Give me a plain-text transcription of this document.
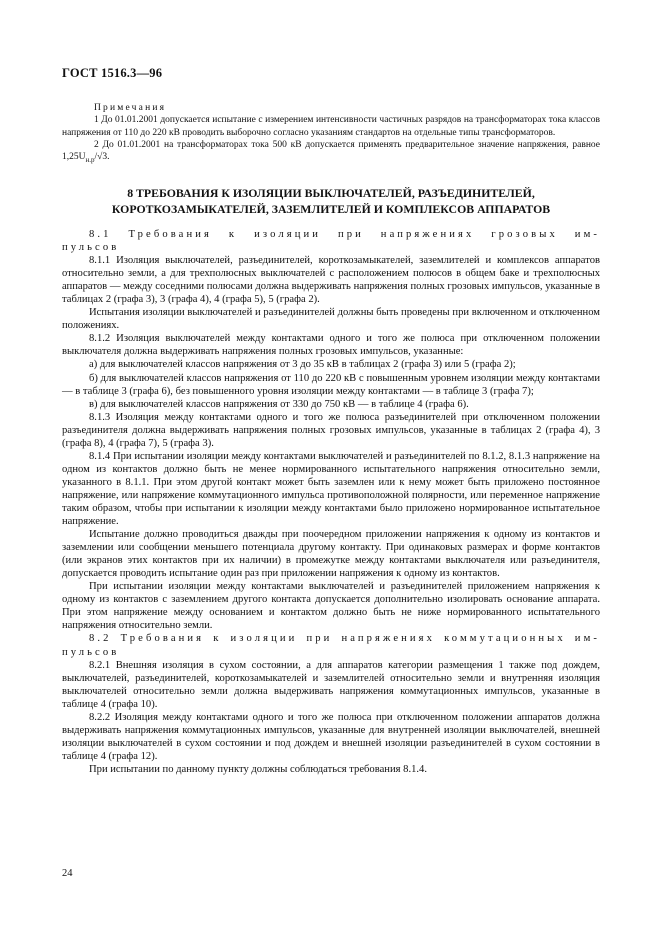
ГОСТ 1516.3—96
Примечания
1 До 01.01.2001 допускается испытание с измерением интенсивности частичных разрядов на трансформаторах тока классов напряжения от 110 до 220 кВ проводить выборочно согласно указаниям стандартов на отдельные типы трансформаторов.
2 До 01.01.2001 на трансформаторах тока 500 кВ допускается применять предварительное значение напряжения, равное $1,25U_{н.р}/√3$.
8 ТРЕБОВАНИЯ К ИЗОЛЯЦИИ ВЫКЛЮЧАТЕЛЕЙ, РАЗЪЕДИНИТЕЛЕЙ,
КОРОТКОЗАМЫКАТЕЛЕЙ, ЗАЗЕМЛИТЕЛЕЙ И КОМПЛЕКСОВ АППАРАТОВ

8.1 Требования к изоляции при напряжениях грозовых им-

пульсов

8.1.1 Изоляция выключателей, разъединителей, короткозамыкателей, заземлителей и комплексов аппаратов относительно земли, а для трехполюсных выключателей с расположением полюсов в общем баке и трехполюсных аппаратов — между соседними полюсами должна выдерживать напряжения полных грозовых импульсов, указанные в таблицах 2 (графа 3), 3 (графа 4), 4 (графа 5), 5 (графа 2).

Испытания изоляции выключателей и разъединителей должны быть проведены при включенном и отключенном положениях.

8.1.2 Изоляция выключателей между контактами одного и того же полюса при отключенном положении выключателя должна выдерживать напряжения полных грозовых импульсов, указанные:

а) для выключателей классов напряжения от 3 до 35 кВ в таблицах 2 (графа 3) или 5 (графа 2);

б) для выключателей классов напряжения от 110 до 220 кВ с повышенным уровнем изоляции между контактами — в таблице 3 (графа 6), без повышенного уровня изоляции между контактами — в таблице 3 (графа 7);

в) для выключателей классов напряжения от 330 до 750 кВ — в таблице 4 (графа 6).

8.1.3 Изоляция между контактами одного и того же полюса разъединителей при отключенном положении разъединителя должна выдерживать напряжения полных грозовых импульсов, указанные в таблицах 2 (графа 4), 3 (графа 8), 4 (графа 7), 5 (графа 3).

8.1.4 При испытании изоляции между контактами выключателей и разъединителей по 8.1.2, 8.1.3 напряжение на одном из контактов должно быть не менее нормированного испытательного напряжения относительно земли, указанного в 8.1.1. При этом другой контакт может быть заземлен или к нему может быть приложено постоянное напряжение, или напряжение коммутационного импульса противоположной полярности, или переменное напряжение таким образом, чтобы при испытании к изоляции между контактами было приложено нормированное испытательное напряжение.

Испытание должно проводиться дважды при поочередном приложении напряжения к одному из контактов и заземлении или сообщении меньшего потенциала другому контакту. При одинаковых размерах и форме контактов (или экранов этих контактов при их наличии) в промежутке между контактами выключателя или разъединителя, допускается проводить испытание один раз при приложении напряжения к одному из контактов.

При испытании изоляции между контактами выключателей и разъединителей приложением напряжения к одному из контактов с заземлением другого контакта допускается дополнительно изолировать основание аппарата. При этом напряжение между основанием и контактом должно быть не ниже нормированного испытательного напряжения относительно земли.

8.2 Требования к изоляции при напряжениях коммутационных им-

пульсов

8.2.1 Внешняя изоляция в сухом состоянии, а для аппаратов категории размещения 1 также под дождем, выключателей, разъединителей, короткозамыкателей и заземлителей относительно земли и внутренняя изоляция выключателей относительно земли должна выдерживать напряжения коммутационных импульсов, указанные в таблице 4 (графа 10).

8.2.2 Изоляция между контактами одного и того же полюса при отключенном положении аппаратов должна выдерживать напряжения коммутационных импульсов, указанные для внутренней изоляции выключателей, внешней изоляции выключателей в сухом состоянии и под дождем и внешней изоляции разъединителей в сухом состоянии в таблице 4 (графа 12).

При испытании по данному пункту должны соблюдаться требования 8.1.4.

24
